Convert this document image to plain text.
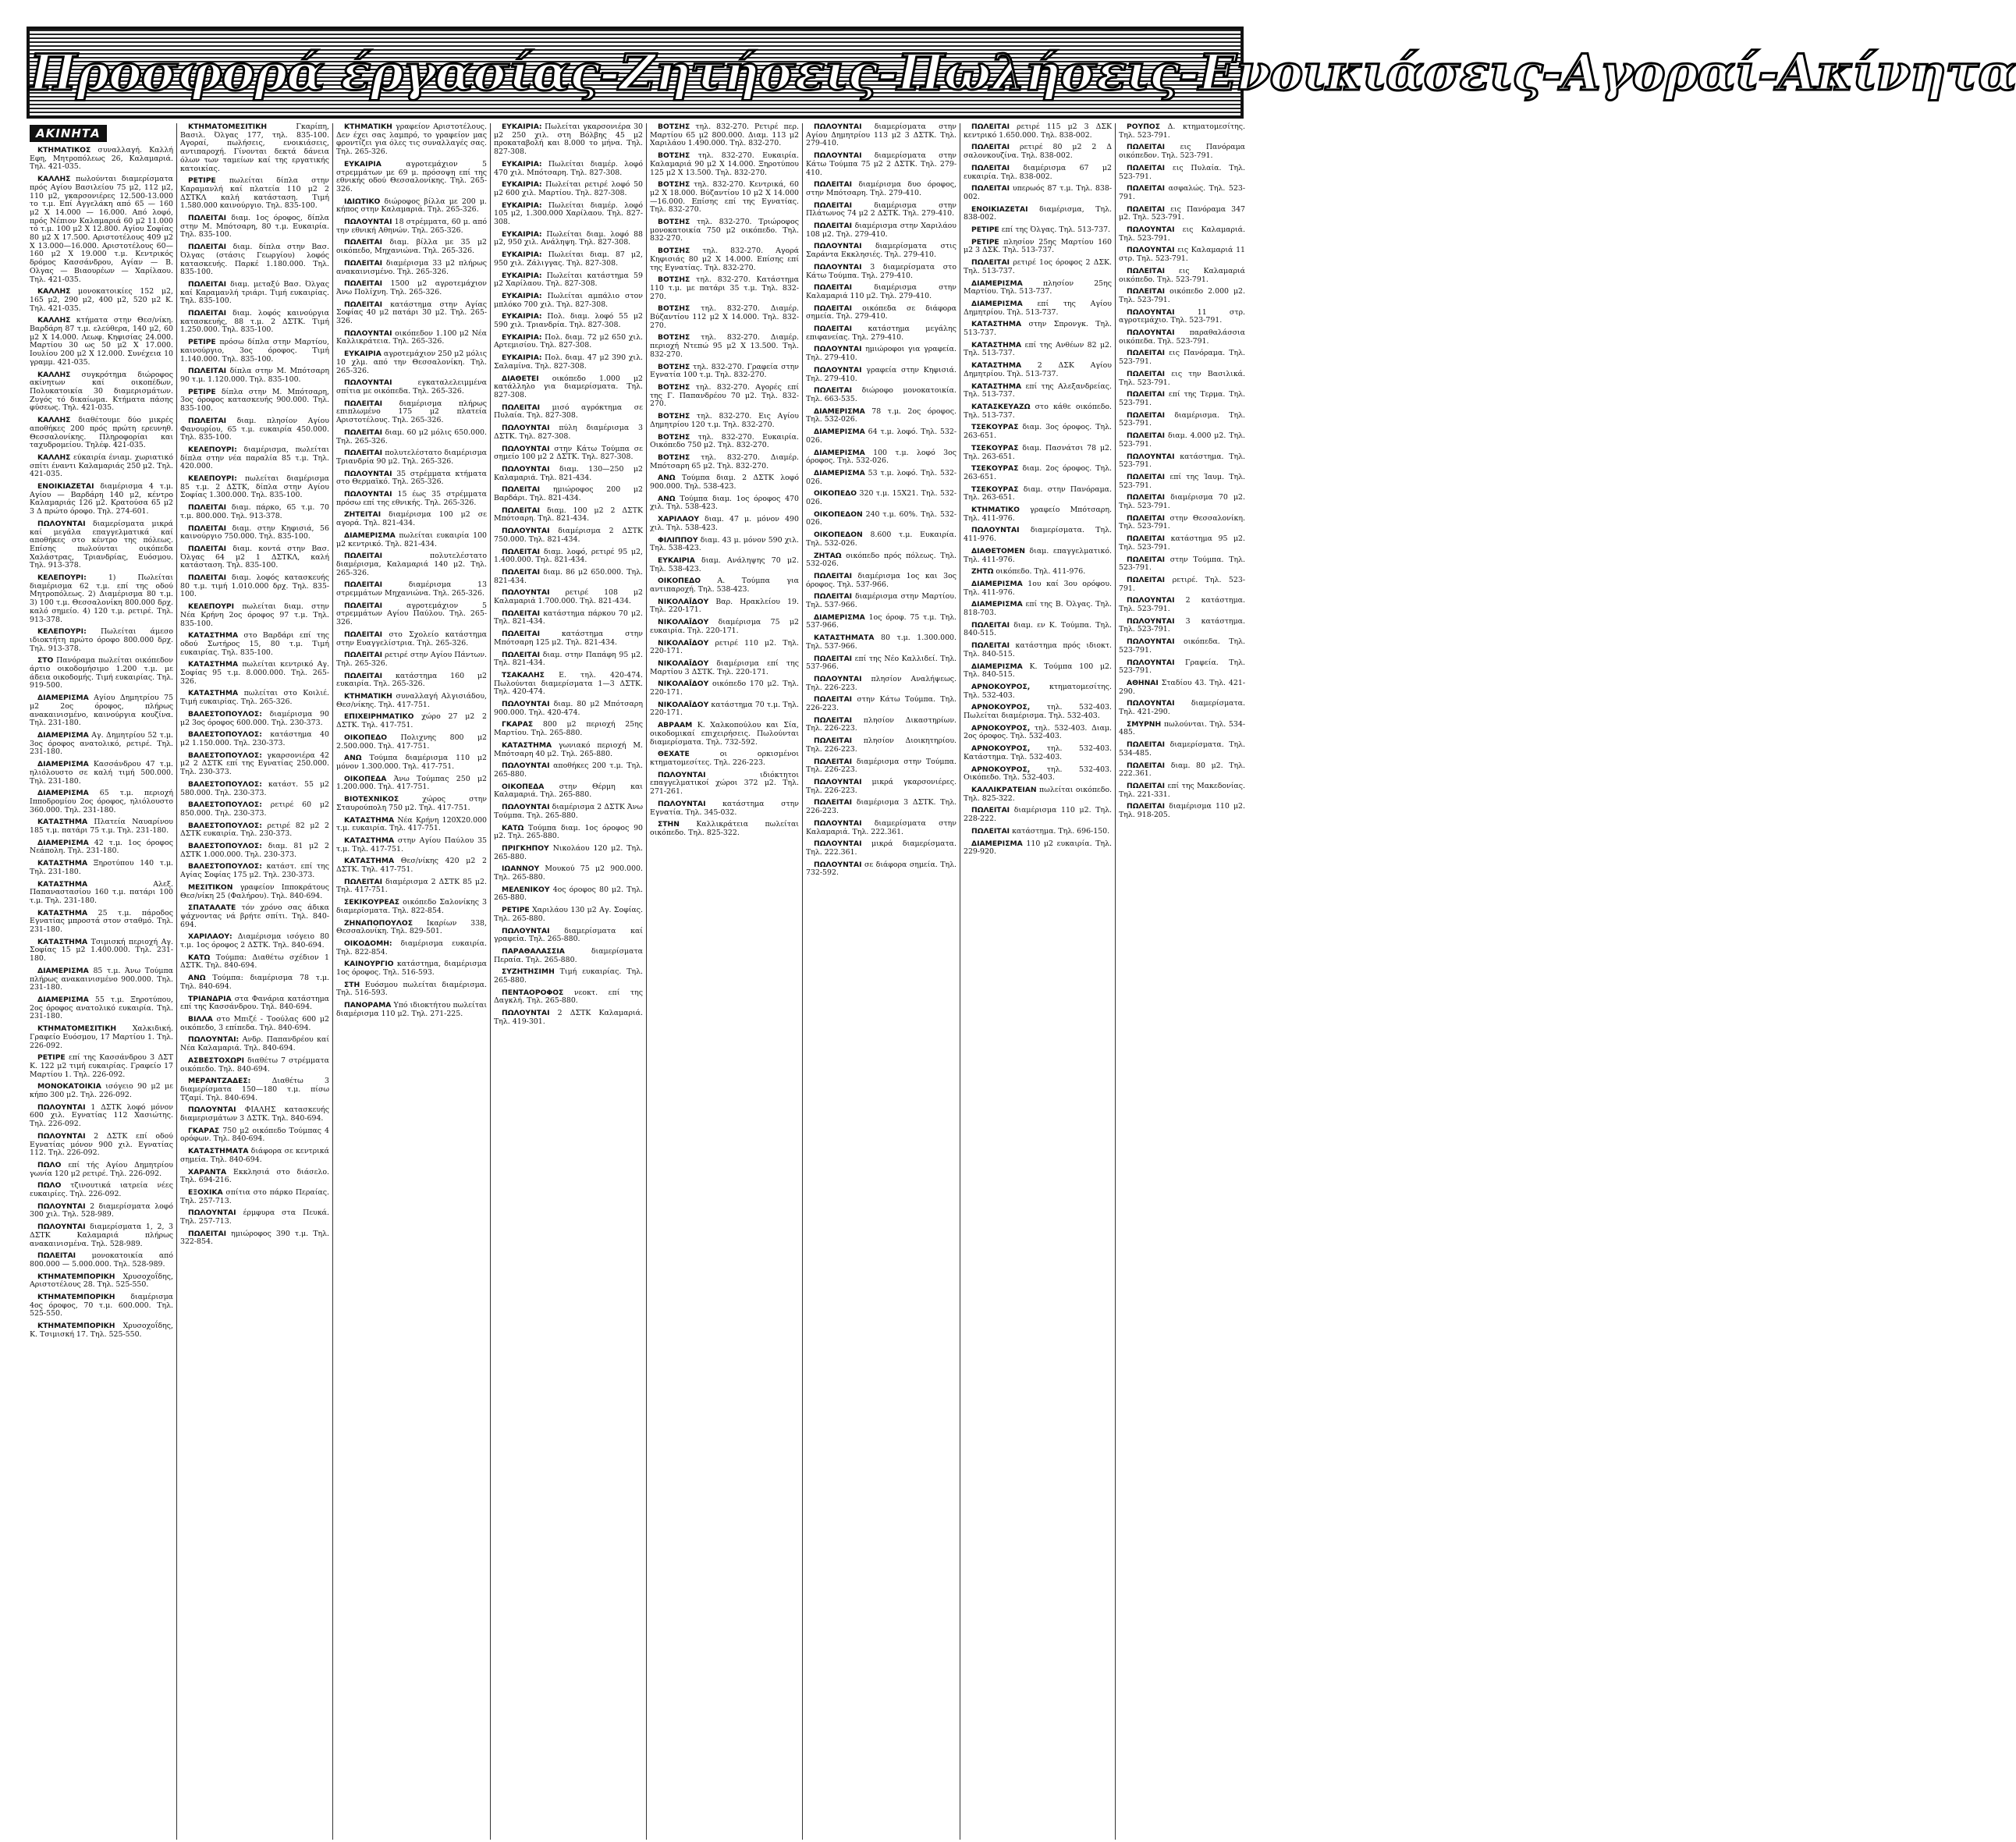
Προσφορά έργασίας-Ζητήσεις-Πωλήσεις-Ενοικιάσεις-Αγοραί-Ακίνητα
ΑΚΙΝΗΤΑ

ΚΤΗΜΑΤΙΚΟΣ συναλλαγή. Καλλή Εφη, Μητροπόλεως 26, Καλαμαριά. Τηλ. 421-035.

ΚΑΛΛΗΣ πωλούνται διαμερίσματα πρός Αγίου Βασιλείου 75 μ2, 112 μ2, 110 μ2, γκαρσονιέρες 12.500-13.000 το τ.μ. Επί Αγγελάκη από 65 — 160 μ2 Χ 14.000 — 16.000. Από λοφό, πρός Νέπιον Καλαμαριά 60 μ2 11.000 τό τ.μ. 100 μ2 Χ 12.800. Αγίου Σοφίας 80 μ2 Χ 17.500. Αριστοτέλους 409 μ2 Χ 13.000—16.000. Αριστοτέλους 60—160 μ2 Χ 19.000 τ.μ. Κεντρικός δρόμος Κασσάνδρου, Αγίαν — Β. Ολγας — Βιαουρέων — Χαρίλαου. Τηλ. 421-035.

ΚΑΛΛΗΣ μονοκατοικίες 152 μ2, 165 μ2, 290 μ2, 400 μ2, 520 μ2 Κ. Τηλ. 421-035.

ΚΑΛΛΗΣ κτήματα στην Θεσ/νίκη. Βαρδάρη 87 τ.μ. ελεύθερα, 140 μ2, 60 μ2 Χ 14.000. Λεωφ. Κηφισίας 24.000. Μαρτίου 30 ως 50 μ2 Χ 17.000. Ιουλίου 200 μ2 Χ 12.000. Συνέχεια 10 γραμμ. 421-035.

ΚΑΛΛΗΣ συγκρότημα διώροφος ακίνητων καί οικοπέδων, Πολυκατοικία 30 διαμερισμάτων. Ζυγός τό δικαίωμα. Κτήματα πάσης φύσεως. Τηλ. 421-035.

ΚΑΛΛΗΣ διαθέτουμε δύο μικρές αποθήκες 200 πρός πρώτη ερευνηθ. Θεσσαλονίκης. Πληροφορίαι και ταχυδρομείου. Τηλέφ. 421-035.

ΚΑΛΛΗΣ εύκαιρία ένιαμ. χωριατικό σπίτι έναντι Καλαμαριάς 250 μ2. Τηλ. 421-035.

ΕΝΟΙΚΙΑΖΕΤΑΙ διαμέρισμα 4 τ.μ. Αγίου — Βαρδάρη 140 μ2, κέντρο Καλαμαριάς 126 μ2. Κρατούσα 65 μ2 3 Δ πρώτο όροφο. Τηλ. 274-601.

ΠΩΛΟΥΝΤΑΙ διαμερίσματα μικρά καί μεγάλα επαγγελματικά καί αποθήκες στο κέντρο της πόλεως. Επίσης πωλούνται οικόπεδα Χαλάστρας, Τριανδρίας, Ευόσμου. Τηλ. 913-378.

ΚΕΛΕΠΟΥΡΙ: 1) Πωλείται διαμέρισμα 62 τ.μ. επί της οδού Μητροπόλεως. 2) Διαμέρισμα 80 τ.μ. 3) 100 τ.μ. Θεσσαλονίκη 800.000 δρχ. καλό σημείο. 4) 120 τ.μ. ρετιρέ. Τηλ. 913-378.

ΚΕΛΕΠΟΥΡΙ: Πωλείται άμεσο ιδιοκτήτη πρώτο όροφο 800.000 δρχ. Τηλ. 913-378.

ΣΤΟ Πανόραμα πωλείται οικόπεδον άρτιο οικοδομήσιμο 1.200 τ.μ. με άδεια οικοδομής. Τιμή ευκαιρίας. Τηλ. 919-500.

ΔΙΑΜΕΡΙΣΜΑ Αγίου Δημητρίου 75 μ2 2ος όροφος, πλήρως ανακαινισμένο, καινούργια κουζίνα. Τηλ. 231-180.

ΔΙΑΜΕΡΙΣΜΑ Αγ. Δημητρίου 52 τ.μ. 3ος όροφος ανατολικό, ρετιρέ. Τηλ. 231-180.

ΔΙΑΜΕΡΙΣΜΑ Κασσάνδρου 47 τ.μ. ηλιόλουστο σε καλή τιμή 500.000. Τηλ. 231-180.

ΔΙΑΜΕΡΙΣΜΑ 65 τ.μ. περιοχή Ιπποδρομίου 2ος όροφος, ηλιόλουστο 360.000. Τηλ. 231-180.

ΚΑΤΑΣΤΗΜΑ Πλατεία Ναυαρίνου 185 τ.μ. πατάρι 75 τ.μ. Τηλ. 231-180.

ΔΙΑΜΕΡΙΣΜΑ 42 τ.μ. 1ος όροφος Νεάπολη. Τηλ. 231-180.

ΚΑΤΑΣΤΗΜΑ Ξηροτύπου 140 τ.μ. Τηλ. 231-180.

ΚΑΤΑΣΤΗΜΑ Αλεξ. Παπαναστασίου 160 τ.μ. πατάρι 100 τ.μ. Τηλ. 231-180.

ΚΑΤΑΣΤΗΜΑ 25 τ.μ. πάροδος Εγνατίας μπροστά στον σταθμό. Τηλ. 231-180.

ΚΑΤΑΣΤΗΜΑ Τσιμισκή περιοχή Αγ. Σοφίας 15 μ2 1.400.000. Τηλ. 231-180.

ΔΙΑΜΕΡΙΣΜΑ 85 τ.μ. Άνω Τούμπα πλήρως ανακαινισμένο 900.000. Τηλ. 231-180.

ΔΙΑΜΕΡΙΣΜΑ 55 τ.μ. Ξηροτύπου, 2ος όροφος ανατολικό ευκαιρία. Τηλ. 231-180.

ΚΤΗΜΑΤΟΜΕΣΙΤΙΚΗ Χαλκιδική. Γραφείο Ευόσμου, 17 Μαρτίου 1. Τηλ. 226-092.

ΡΕΤΙΡΕ επί της Κασσάνδρου 3 ΔΣΤ Κ. 122 μ2 τιμή ευκαιρίας. Γραφείο 17 Μαρτίου 1. Τηλ. 226-092.

ΜΟΝΟΚΑΤΟΙΚΙΑ ισόγειο 90 μ2 με κήπο 300 μ2. Τηλ. 226-092.

ΠΩΛΟΥΝΤΑΙ 1 ΔΣΤΚ λοφό μόνον 600 χιλ. Εγνατίας 112 Χασιώτης. Τηλ. 226-092.

ΠΩΛΟΥΝΤΑΙ 2 ΔΣΤΚ επί οδού Εγνατίας μόνον 900 χιλ. Εγνατίας 112. Τηλ. 226-092.

ΠΩΛΟ επί τής Αγίου Δημητρίου γωνία 120 μ2 ρετιρέ. Τηλ. 226-092.

ΠΩΛΟ τζινουτικά ιατρεία νέες ευκαιρίες. Τηλ. 226-092.

ΠΩΛΟΥΝΤΑΙ 2 διαμερίσματα λοφό 300 χιλ. Τηλ. 528-989.

ΠΩΛΟΥΝΤΑΙ διαμερίσματα 1, 2, 3 ΔΣΤΚ Καλαμαριά πλήρως ανακαινισμένα. Τηλ. 528-989.

ΠΩΛΕΙΤΑΙ μονοκατοικία από 800.000 — 5.000.000. Τηλ. 528-989.

ΚΤΗΜΑΤΕΜΠΟΡΙΚΗ Χρυσοχοΐδης, Αριστοτέλους 28. Τηλ. 525-550.

ΚΤΗΜΑΤΕΜΠΟΡΙΚΗ διαμέρισμα 4ος όροφος, 70 τ.μ. 600.000. Τηλ. 525-550.

ΚΤΗΜΑΤΕΜΠΟΡΙΚΗ Χρυσοχοΐδης, Κ. Τσιμισκή 17. Τηλ. 525-550.

ΚΤΗΜΑΤΟΜΕΣΙΤΙΚΗ Γκαρίπη, Βασιλ. Όλγας 177, τηλ. 835-100. Αγοραί, πωλήσεις, ενοικιάσεις, αντιπαροχή. Γίνονται δεκτά δάνεια όλων των ταμείων καί της εργατικής κατοικίας.

ΡΕΤΙΡΕ πωλείται δίπλα στην Καραμανλή καί πλατεία 110 μ2 2 ΔΣΤΚΛ καλή κατάσταση. Τιμή 1.580.000 καινούργιο. Τηλ. 835-100.

ΠΩΛΕΙΤΑΙ διαμ. 1ος όροφος, δίπλα στην Μ. Μπότσαρη, 80 τ.μ. Ευκαιρία. Τηλ. 835-100.

ΠΩΛΕΙΤΑΙ διαμ. δίπλα στην Βασ. Όλγας (στάσις Γεωργίου) λοφός κατασκευής. Παρκέ 1.180.000. Τηλ. 835-100.

ΠΩΛΕΙΤΑΙ διαμ. μεταξύ Βασ. Όλγας καί Καραμανλή τριάρι. Τιμή ευκαιρίας. Τηλ. 835-100.

ΠΩΛΕΙΤΑΙ διαμ. λοφός καινούργια κατασκευής, 88 τ.μ. 2 ΔΣΤΚ. Τιμή 1.250.000. Τηλ. 835-100.

ΡΕΤΙΡΕ πρόσω δίπλα στην Μαρτίου, καινούργιο, 3ος όροφος. Τιμή 1.140.000. Τηλ. 835-100.

ΠΩΛΕΙΤΑΙ δίπλα στην Μ. Μπότσαρη 90 τ.μ. 1.120.000. Τηλ. 835-100.

ΡΕΤΙΡΕ δίπλα στην Μ. Μπότσαρη, 3ος όροφος κατασκευής 900.000. Τηλ. 835-100.

ΠΩΛΕΙΤΑΙ διαμ. πλησίον Αγίου Φανουρίου, 65 τ.μ. ευκαιρία 450.000. Τηλ. 835-100.

ΚΕΛΕΠΟΥΡΙ: διαμέρισμα, πωλείται δίπλα στην νέα παραλία 85 τ.μ. Τηλ. 420.000.

ΚΕΛΕΠΟΥΡΙ: πωλείται διαμέρισμα 85 τ.μ. 2 ΔΣΤΚ, δίπλα στην Αγίου Σοφίας 1.300.000. Τηλ. 835-100.

ΠΩΛΕΙΤΑΙ διαμ. πάρκο, 65 τ.μ. 70 τ.μ. 800.000. Τηλ. 913-378.

ΠΩΛΕΙΤΑΙ διαμ. στην Κηφισιά, 56 καινούργιο 750.000. Τηλ. 835-100.

ΠΩΛΕΙΤΑΙ διαμ. κοντά στην Βασ. Όλγας 64 μ2 1 ΔΣΤΚΛ, καλή κατάσταση. Τηλ. 835-100.

ΠΩΛΕΙΤΑΙ διαμ. λοφός κατασκευής 80 τ.μ. τιμή 1.010.000 δρχ. Τηλ. 835-100.

ΚΕΛΕΠΟΥΡΙ πωλείται διαμ. στην Νέα Κρήνη 2ος όροφος 97 τ.μ. Τηλ. 835-100.

ΚΑΤΑΣΤΗΜΑ στο Βαρδάρι επί της οδού Σωτήρος 15, 80 τ.μ. Τιμή ευκαιρίας. Τηλ. 835-100.

ΚΑΤΑΣΤΗΜΑ πωλείται κεντρικό Αγ. Σοφίας 95 τ.μ. 8.000.000. Τηλ. 265-326.

ΚΑΤΑΣΤΗΜΑ πωλείται στο Κοιλιέ. Τιμή ευκαιρίας. Τηλ. 265-326.

ΒΑΛΕΣΤΟΠΟΥΛΟΣ: διαμέρισμα 90 μ2 3ος όροφος 600.000. Τηλ. 230-373.

ΒΑΛΕΣΤΟΠΟΥΛΟΣ: κατάστημα 40 μ2 1.150.000. Τηλ. 230-373.

ΒΑΛΕΣΤΟΠΟΥΛΟΣ: γκαρσονιέρα 42 μ2 2 ΔΣΤΚ επί της Εγνατίας 250.000. Τηλ. 230-373.

ΒΑΛΕΣΤΟΠΟΥΛΟΣ: κατάστ. 55 μ2 580.000. Τηλ. 230-373.

ΒΑΛΕΣΤΟΠΟΥΛΟΣ: ρετιρέ 60 μ2 850.000. Τηλ. 230-373.

ΒΑΛΕΣΤΟΠΟΥΛΟΣ: ρετιρέ 82 μ2 2 ΔΣΤΚ ευκαιρία. Τηλ. 230-373.

ΒΑΛΕΣΤΟΠΟΥΛΟΣ: διαμ. 81 μ2 2 ΔΣΤΚ 1.000.000. Τηλ. 230-373.

ΒΑΛΕΣΤΟΠΟΥΛΟΣ: κατάστ. επί της Αγίας Σοφίας 175 μ2. Τηλ. 230-373.

ΜΕΣΙΤΙΚΟΝ γραφείον Ιπποκράτους Θεσ/νίκη 25 (Φαλήρου). Τηλ. 840-694.

ΣΠΑΤΑΛΑΤΕ τόν χρόνο σας άδικα ψάχνοντας νά βρήτε σπίτι. Τηλ. 840-694.

ΧΑΡΙΛΑΟΥ: Διαμέρισμα ισόγειο 80 τ.μ. 1ος όροφος 2 ΔΣΤΚ. Τηλ. 840-694.

ΚΑΤΩ Τούμπα: Διαθέτω σχέδιον 1 ΔΣΤΚ. Τηλ. 840-694.

ΑΝΩ Τούμπα: διαμέρισμα 78 τ.μ. Τηλ. 840-694.

ΤΡΙΑΝΔΡΙΑ στα Φανάρια κατάστημα επί της Κασσάνδρου. Τηλ. 840-694.

ΒΙΛΛΑ στο Μπιζέ - Τοούλας 600 μ2 οικόπεδο, 3 επίπεδα. Τηλ. 840-694.

ΠΩΛΟΥΝΤΑΙ: Ανδρ. Παπανδρέου καί Νέα Καλαμαριά. Τηλ. 840-694.

ΑΣΒΕΣΤΟΧΩΡΙ διαθέτω 7 στρέμματα οικόπεδο. Τηλ. 840-694.

ΜΕΡΑΝΤΖΑΔΕΣ: Διαθέτω 3 διαμερίσματα 150—180 τ.μ. πίσω Τζαμί. Τηλ. 840-694.

ΠΩΛΟΥΝΤΑΙ ΦΙΑΛΗΣ κατασκευής διαμερισμάτων 3 ΔΣΤΚ. Τηλ. 840-694.

ΓΚΑΡΑΣ 750 μ2 οικόπεδο Τούμπας 4 ορόφων. Τηλ. 840-694.

ΚΑΤΑΣΤΗΜΑΤΑ διάφορα σε κεντρικά σημεία. Τηλ. 840-694.

ΧΑΡΑΝΤΑ Εκκλησιά στο διάσελο. Τηλ. 694-216.

ΕΞΟΧΙΚΑ σπίτια στο πάρκο Περαίας. Τηλ. 257-713.

ΠΩΛΟΥΝΤΑΙ έρμφυρα στα Πευκά. Τηλ. 257-713.

ΠΩΛΕΙΤΑΙ ημιώροφος 390 τ.μ. Τηλ. 322-854.

ΚΤΗΜΑΤΙΚΗ γραφείον Αριστοτέλους. Δεν έχει σας λαμπρό, το γραφείον μας φροντίζει για όλες τις συναλλαγές σας. Τηλ. 265-326.

ΕΥΚΑΙΡΙΑ αγροτεμάχιον 5 στρεμμάτων με 69 μ. πρόσοψη επί της εθνικής οδού Θεσσαλονίκης. Τηλ. 265-326.

ΙΔΙΩΤΙΚΟ διώροφος βίλλα με 200 μ. κήπος στην Καλαμαριά. Τηλ. 265-326.

ΠΩΛΟΥΝΤΑΙ 18 στρέμματα, 60 μ. από την εθνική Αθηνών. Τηλ. 265-326.

ΠΩΛΕΙΤΑΙ διαμ. βίλλα με 35 μ2 οικόπεδο, Μηχανιώνα. Τηλ. 265-326.

ΠΩΛΕΙΤΑΙ διαμέρισμα 33 μ2 πλήρως ανακαινισμένο. Τηλ. 265-326.

ΠΩΛΕΙΤΑΙ 1500 μ2 αγροτεμάχιον Άνω Πολίχνη. Τηλ. 265-326.

ΠΩΛΕΙΤΑΙ κατάστημα στην Αγίας Σοφίας 40 μ2 πατάρι 30 μ2. Τηλ. 265-326.

ΠΩΛΟΥΝΤΑΙ οικόπεδον 1.100 μ2 Νέα Καλλικράτεια. Τηλ. 265-326.

ΕΥΚΑΙΡΙΑ αγροτεμάχιον 250 μ2 μόλις 10 χλμ. από την Θεσσαλονίκη. Τηλ. 265-326.

ΠΩΛΟΥΝΤΑΙ εγκαταλελειμμένα σπίτια με οικόπεδα. Τηλ. 265-326.

ΠΩΛΕΙΤΑΙ διαμέρισμα πλήρως επιπλωμένο 175 μ2 πλατεία Αριστοτέλους. Τηλ. 265-326.

ΠΩΛΕΙΤΑΙ διαμ. 60 μ2 μόλις 650.000. Τηλ. 265-326.

ΠΩΛΕΙΤΑΙ πολυτελέστατο διαμέρισμα Τριανδρία 90 μ2. Τηλ. 265-326.

ΠΩΛΟΥΝΤΑΙ 35 στρέμματα κτήματα στο Θερμαϊκό. Τηλ. 265-326.

ΠΩΛΟΥΝΤΑΙ 15 έως 35 στρέμματα πρόσω επί της εθνικής. Τηλ. 265-326.

ΖΗΤΕΙΤΑΙ διαμέρισμα 100 μ2 σε αγορά. Τηλ. 821-434.

ΔΙΑΜΕΡΙΣΜΑ πωλείται ευκαιρία 100 μ2 κεντρικό. Τηλ. 821-434.

ΠΩΛΕΙΤΑΙ πολυτελέστατο διαμέρισμα, Καλαμαριά 140 μ2. Τηλ. 265-326.

ΠΩΛΕΙΤΑΙ διαμέρισμα 13 στρεμμάτων Μηχανιώνα. Τηλ. 265-326.

ΠΩΛΕΙΤΑΙ αγροτεμάχιον 5 στρεμμάτων Αγίου Παύλου. Τηλ. 265-326.

ΠΩΛΕΙΤΑΙ στο Σχολείο κατάστημα στην Ευαγγελίστρια. Τηλ. 265-326.

ΠΩΛΕΙΤΑΙ ρετιρέ στην Αγίου Πάντων. Τηλ. 265-326.

ΠΩΛΕΙΤΑΙ κατάστημα 160 μ2 ευκαιρία. Τηλ. 265-326.

ΚΤΗΜΑΤΙΚΗ συναλλαγή Αλγισιάδου, Θεσ/νίκης. Τηλ. 417-751.

ΕΠΙΧΕΙΡΗΜΑΤΙΚΟ χώρο 27 μ2 2 ΔΣΤΚ. Τηλ. 417-751.

ΟΙΚΟΠΕΔΟ Πολιχνης 800 μ2 2.500.000. Τηλ. 417-751.

ΑΝΩ Τούμπα διαμέρισμα 110 μ2 μόνον 1.300.000. Τηλ. 417-751.

ΟΙΚΟΠΕΔΑ Άνω Τούμπας 250 μ2 1.200.000. Τηλ. 417-751.

ΒΙΟΤΕΧΝΙΚΟΣ χώρος στην Σταυρούπολη 750 μ2. Τηλ. 417-751.

ΚΑΤΑΣΤΗΜΑ Νέα Κρήνη 120Χ20.000 τ.μ. ευκαιρία. Τηλ. 417-751.

ΚΑΤΑΣΤΗΜΑ στην Αγίου Παύλου 35 τ.μ. Τηλ. 417-751.

ΚΑΤΑΣΤΗΜΑ Θεσ/νίκης 420 μ2 2 ΔΣΤΚ. Τηλ. 417-751.

ΠΩΛΕΙΤΑΙ διαμέρισμα 2 ΔΣΤΚ 85 μ2. Τηλ. 417-751.

ΣΕΚΙΚΟΥΡΕΑΣ οικόπεδο Σαλονίκης 3 διαμερίσματα. Τηλ. 822-854.

ΖΗΝΑΠΟΠΟΥΛΟΣ Ικαρίων 338, Θεσσαλονίκη. Τηλ. 829-501.

ΟΙΚΟΔΟΜΗ: διαμέρισμα ευκαιρία. Τηλ. 822-854.

ΚΑΙΝΟΥΡΓΙΟ κατάστημα, διαμέρισμα 1ος όροφος. Τηλ. 516-593.

ΣΤΗ Ευόσμου πωλείται διαμέρισμα. Τηλ. 516-593.

ΠΑΝΟΡΑΜΑ Υπό ιδιοκτήτου πωλείται διαμέρισμα 110 μ2. Τηλ. 271-225.

ΕΥΚΑΙΡΙΑ: Πωλείται γκαρσονιέρα 30 μ2 250 χιλ. στη Βόλβης 45 μ2 προκαταβολή και 8.000 το μήνα. Τηλ. 827-308.

ΕΥΚΑΙΡΙΑ: Πωλείται διαμέρ. λοφό 470 χιλ. Μπότσαρη. Τηλ. 827-308.

ΕΥΚΑΙΡΙΑ: Πωλείται ρετιρέ λοφό 50 μ2 600 χιλ. Μαρτίου. Τηλ. 827-308.

ΕΥΚΑΙΡΙΑ: Πωλείται διαμέρ. λοφό 105 μ2, 1.300.000 Χαρίλαου. Τηλ. 827-308.

ΕΥΚΑΙΡΙΑ: Πωλείται διαμ. λοφό 88 μ2, 950 χιλ. Ανάληψη. Τηλ. 827-308.

ΕΥΚΑΙΡΙΑ: Πωλείται διαμ. 87 μ2, 950 χιλ. Ζάλιγγας. Τηλ. 827-308.

ΕΥΚΑΙΡΙΑ: Πωλείται κατάστημα 59 μ2 Χαρίλαου. Τηλ. 827-308.

ΕΥΚΑΙΡΙΑ: Πωλείται αμπάλιο στον μπλόκο 700 χιλ. Τηλ. 827-308.

ΕΥΚΑΙΡΙΑ: Πολ. διαμ. λοφό 55 μ2 590 χιλ. Τριανδρία. Τηλ. 827-308.

ΕΥΚΑΙΡΙΑ: Πολ. διαμ. 72 μ2 650 χιλ. Αρτεμισίου. Τηλ. 827-308.

ΕΥΚΑΙΡΙΑ: Πολ. διαμ. 47 μ2 390 χιλ. Σαλαμίνα. Τηλ. 827-308.

ΔΙΑΘΕΤΕΙ οικόπεδο 1.000 μ2 κατάλληλο για διαμερίσματα. Τηλ. 827-308.

ΠΩΛΕΙΤΑΙ μισό αγρόκτημα σε Πυλαία. Τηλ. 827-308.

ΠΩΛΟΥΝΤΑΙ πύλη διαμέρισμα 3 ΔΣΤΚ. Τηλ. 827-308.

ΠΩΛΟΥΝΤΑΙ στην Κάτω Τούμπα σε σημείο 100 μ2 2 ΔΣΤΚ. Τηλ. 827-308.

ΠΩΛΟΥΝΤΑΙ διαμ. 130—250 μ2 Καλαμαριά. Τηλ. 821-434.

ΠΩΛΕΙΤΑΙ ημιώροφος 200 μ2 Βαρδάρι. Τηλ. 821-434.

ΠΩΛΕΙΤΑΙ διαμ. 100 μ2 2 ΔΣΤΚ Μπότσαρη. Τηλ. 821-434.

ΠΩΛΟΥΝΤΑΙ διαμέρισμα 2 ΔΣΤΚ 750.000. Τηλ. 821-434.

ΠΩΛΕΙΤΑΙ διαμ. λοφό, ρετιρέ 95 μ2, 1.400.000. Τηλ. 821-434.

ΠΩΛΕΙΤΑΙ διαμ. 86 μ2 650.000. Τηλ. 821-434.

ΠΩΛΟΥΝΤΑΙ ρετιρέ 108 μ2 Καλαμαριά 1.700.000. Τηλ. 821-434.

ΠΩΛΕΙΤΑΙ κατάστημα πάρκου 70 μ2. Τηλ. 821-434.

ΠΩΛΕΙΤΑΙ κατάστημα στην Μπότσαρη 125 μ2. Τηλ. 821-434.

ΠΩΛΕΙΤΑΙ διαμ. στην Παπάφη 95 μ2. Τηλ. 821-434.

ΤΣΑΚΑΛΗΣ Ε. τηλ. 420-474. Πωλούνται διαμερίσματα 1—3 ΔΣΤΚ. Τηλ. 420-474.

ΠΩΛΟΥΝΤΑΙ διαμ. 80 μ2 Μπότσαρη 900.000. Τηλ. 420-474.

ΓΚΑΡΑΣ 800 μ2 περιοχή 25ης Μαρτίου. Τηλ. 265-880.

ΚΑΤΑΣΤΗΜΑ γωνιακό περιοχή Μ. Μπότσαρη 40 μ2. Τηλ. 265-880.

ΠΩΛΟΥΝΤΑΙ αποθήκες 200 τ.μ. Τηλ. 265-880.

ΟΙΚΟΠΕΔΑ στην Θέρμη και Καλαμαριά. Τηλ. 265-880.

ΠΩΛΟΥΝΤΑΙ διαμέρισμα 2 ΔΣΤΚ Άνω Τούμπα. Τηλ. 265-880.

ΚΑΤΩ Τούμπα διαμ. 1ος όροφος 90 μ2. Τηλ. 265-880.

ΠΡΙΓΚΗΠΟΥ Νικολάου 120 μ2. Τηλ. 265-880.

ΙΩΑΝΝΟΥ Μουκού 75 μ2 900.000. Τηλ. 265-880.

ΜΕΛΕΝΙΚΟΥ 4ος όροφος 80 μ2. Τηλ. 265-880.

ΡΕΤΙΡΕ Χαριλάου 130 μ2 Αγ. Σοφίας. Τηλ. 265-880.

ΠΩΛΟΥΝΤΑΙ διαμερίσματα καί γραφεία. Τηλ. 265-880.

ΠΑΡΑΘΑΛΑΣΣΙΑ διαμερίσματα Περαία. Τηλ. 265-880.

ΣΥΖΗΤΗΣΙΜΗ Τιμή ευκαιρίας. Τηλ. 265-880.

ΠΕΝΤΑΟΡΟΦΟΣ νεοκτ. επί της Δαγκλή. Τηλ. 265-880.

ΠΩΛΟΥΝΤΑΙ 2 ΔΣΤΚ Καλαμαριά. Τηλ. 419-301.

ΒΟΤΣΗΣ τηλ. 832-270. Ρετιρέ περ. Μαρτίου 65 μ2 800.000. Διαμ. 113 μ2 Χαριλάου 1.490.000. Τηλ. 832-270.

ΒΟΤΣΗΣ τηλ. 832-270. Ευκαιρία. Καλαμαριά 90 μ2 Χ 14.000. Ξηροτύπου 125 μ2 Χ 13.500. Τηλ. 832-270.

ΒΟΤΣΗΣ τηλ. 832-270. Κεντρικά, 60 μ2 Χ 18.000. Βύζαντίου 10 μ2 Χ 14.000—16.000. Επίσης επί της Εγνατίας. Τηλ. 832-270.

ΒΟΤΣΗΣ τηλ. 832-270. Τριώροφος μονοκατοικία 750 μ2 οικόπεδο. Τηλ. 832-270.

ΒΟΤΣΗΣ τηλ. 832-270. Αγορά Κηφισιάς 80 μ2 Χ 14.000. Επίσης επί της Εγνατίας. Τηλ. 832-270.

ΒΟΤΣΗΣ τηλ. 832-270. Κατάστημα 110 τ.μ. με πατάρι 35 τ.μ. Τηλ. 832-270.

ΒΟΤΣΗΣ τηλ. 832-270. Διαμέρ. Βύζαντίου 112 μ2 Χ 14.000. Τηλ. 832-270.

ΒΟΤΣΗΣ τηλ. 832-270. Διαμέρ. περιοχή Ντεπώ 95 μ2 Χ 13.500. Τηλ. 832-270.

ΒΟΤΣΗΣ τηλ. 832-270. Γραφεία στην Εγνατία 100 τ.μ. Τηλ. 832-270.

ΒΟΤΣΗΣ τηλ. 832-270. Αγορές επί της Γ. Παπανδρέου 70 μ2. Τηλ. 832-270.

ΒΟΤΣΗΣ τηλ. 832-270. Εις Αγίου Δημητρίου 120 τ.μ. Τηλ. 832-270.

ΒΟΤΣΗΣ τηλ. 832-270. Ευκαιρία. Οικόπεδο 750 μ2. Τηλ. 832-270.

ΒΟΤΣΗΣ τηλ. 832-270. Διαμέρ. Μπότσαρη 65 μ2. Τηλ. 832-270.

ΑΝΩ Τούμπα διαμ. 2 ΔΣΤΚ λοφό 900.000. Τηλ. 538-423.

ΑΝΩ Τούμπα διαμ. 1ος όροφος 470 χιλ. Τηλ. 538-423.

ΧΑΡΙΛΑΟΥ διαμ. 47 μ. μόνον 490 χιλ. Τηλ. 538-423.

ΦΙΛΙΠΠΟΥ διαμ. 43 μ. μόνον 590 χιλ. Τηλ. 538-423.

ΕΥΚΑΙΡΙΑ διαμ. Ανάληψης 70 μ2. Τηλ. 538-423.

ΟΙΚΟΠΕΔΟ Α. Τούμπα για αντιπαροχή. Τηλ. 538-423.

ΝΙΚΟΛΑΪΔΟΥ Βαρ. Ηρακλείου 19. Τηλ. 220-171.

ΝΙΚΟΛΑΪΔΟΥ διαμέρισμα 75 μ2 ευκαιρία. Τηλ. 220-171.

ΝΙΚΟΛΑΪΔΟΥ ρετιρέ 110 μ2. Τηλ. 220-171.

ΝΙΚΟΛΑΪΔΟΥ διαμέρισμα επί της Μαρτίου 3 ΔΣΤΚ. Τηλ. 220-171.

ΝΙΚΟΛΑΪΔΟΥ οικόπεδο 170 μ2. Τηλ. 220-171.

ΝΙΚΟΛΑΪΔΟΥ κατάστημα 70 τ.μ. Τηλ. 220-171.

ΑΒΡΑΑΜ Κ. Χαλκοπούλου και Σία, οικοδομικαί επιχειρήσεις. Πωλούνται διαμερίσματα. Τηλ. 732-592.

ΘΕΧΑΤΕ οι ορκισμένοι κτηματομεσίτες. Τηλ. 226-223.

ΠΩΛΟΥΝΤΑΙ ιδιόκτητοι επαγγελματικοί χώροι 372 μ2. Τηλ. 271-261.

ΠΩΛΟΥΝΤΑΙ κατάστημα στην Εγνατία. Τηλ. 345-032.

ΣΤΗΝ Καλλικράτεια πωλείται οικόπεδο. Τηλ. 825-322.

ΠΩΛΟΥΝΤΑΙ διαμερίσματα στην Αγίου Δημητρίου 113 μ2 3 ΔΣΤΚ. Τηλ. 279-410.

ΠΩΛΟΥΝΤΑΙ διαμερίσματα στην Κάτω Τούμπα 75 μ2 2 ΔΣΤΚ. Τηλ. 279-410.

ΠΩΛΕΙΤΑΙ διαμέρισμα δυο όροφος, στην Μπότσαρη. Τηλ. 279-410.

ΠΩΛΕΙΤΑΙ διαμέρισμα στην Πλάτωνος 74 μ2 2 ΔΣΤΚ. Τηλ. 279-410.

ΠΩΛΕΙΤΑΙ διαμέρισμα στην Χαριλάου 108 μ2. Τηλ. 279-410.

ΠΩΛΟΥΝΤΑΙ διαμερίσματα στις Σαράντα Εκκλησιές. Τηλ. 279-410.

ΠΩΛΟΥΝΤΑΙ 3 διαμερίσματα στο Κάτω Τούμπα. Τηλ. 279-410.

ΠΩΛΕΙΤΑΙ διαμέρισμα στην Καλαμαριά 110 μ2. Τηλ. 279-410.

ΠΩΛΕΙΤΑΙ οικόπεδα σε διάφορα σημεία. Τηλ. 279-410.

ΠΩΛΕΙΤΑΙ κατάστημα μεγάλης επιφανείας. Τηλ. 279-410.

ΠΩΛΟΥΝΤΑΙ ημιώροφοι για γραφεία. Τηλ. 279-410.

ΠΩΛΟΥΝΤΑΙ γραφεία στην Κηφισιά. Τηλ. 279-410.

ΠΩΛΕΙΤΑΙ διώροφο μονοκατοικία. Τηλ. 663-535.

ΔΙΑΜΕΡΙΣΜΑ 78 τ.μ. 2ος όροφος. Τηλ. 532-026.

ΔΙΑΜΕΡΙΣΜΑ 64 τ.μ. λοφό. Τηλ. 532-026.

ΔΙΑΜΕΡΙΣΜΑ 100 τ.μ. λοφό 3ος όροφος. Τηλ. 532-026.

ΔΙΑΜΕΡΙΣΜΑ 53 τ.μ. λοφό. Τηλ. 532-026.

ΟΙΚΟΠΕΔΟ 320 τ.μ. 15Χ21. Τηλ. 532-026.

ΟΙΚΟΠΕΔΟΝ 240 τ.μ. 60%. Τηλ. 532-026.

ΟΙΚΟΠΕΔΟΝ 8.600 τ.μ. Ευκαιρία. Τηλ. 532-026.

ΖΗΤΑΩ οικόπεδο πρός πόλεως. Τηλ. 532-026.

ΠΩΛΕΙΤΑΙ διαμέρισμα 1ος και 3ος όροφος. Τηλ. 537-966.

ΠΩΛΕΙΤΑΙ διαμέρισμα στην Μαρτίου. Τηλ. 537-966.

ΔΙΑΜΕΡΙΣΜΑ 1ος όροφ. 75 τ.μ. Τηλ. 537-966.

ΚΑΤΑΣΤΗΜΑΤΑ 80 τ.μ. 1.300.000. Τηλ. 537-966.

ΠΩΛΕΙΤΑΙ επί της Νέο Καλλιδεί. Τηλ. 537-966.

ΠΩΛΟΥΝΤΑΙ πλησίον Αναλήψεως. Τηλ. 226-223.

ΠΩΛΕΙΤΑΙ στην Κάτω Τούμπα. Τηλ. 226-223.

ΠΩΛΕΙΤΑΙ πλησίον Δικαστηρίων. Τηλ. 226-223.

ΠΩΛΕΙΤΑΙ πλησίον Διοικητηρίου. Τηλ. 226-223.

ΠΩΛΕΙΤΑΙ διαμέρισμα στην Τούμπα. Τηλ. 226-223.

ΠΩΛΟΥΝΤΑΙ μικρά γκαρσονιέρες. Τηλ. 226-223.

ΠΩΛΕΙΤΑΙ διαμέρισμα 3 ΔΣΤΚ. Τηλ. 226-223.

ΠΩΛΟΥΝΤΑΙ διαμερίσματα στην Καλαμαριά. Τηλ. 222.361.

ΠΩΛΟΥΝΤΑΙ μικρά διαμερίσματα. Τηλ. 222.361.

ΠΩΛΟΥΝΤΑΙ σε διάφορα σημεία. Τηλ. 732-592.

ΠΩΛΕΙΤΑΙ ρετιρέ 115 μ2 3 ΔΣΚ κεντρικό 1.650.000. Τηλ. 838-002.

ΠΩΛΕΙΤΑΙ ρετιρέ 80 μ2 2 Δ σαλονκουζίνα. Τηλ. 838-002.

ΠΩΛΕΙΤΑΙ διαμέρισμα 67 μ2 ευκαιρία. Τηλ. 838-002.

ΠΩΛΕΙΤΑΙ υπερωός 87 τ.μ. Τηλ. 838-002.

ΕΝΟΙΚΙΑΖΕΤΑΙ διαμέρισμα, Τηλ. 838-002.

ΡΕΤΙΡΕ επί της Όλγας. Τηλ. 513-737.

ΡΕΤΙΡΕ πλησίον 25ης Μαρτίου 160 μ2 3 ΔΣΚ. Τηλ. 513-737.

ΠΩΛΕΙΤΑΙ ρετιρέ 1ος όροφος 2 ΔΣΚ. Τηλ. 513-737.

ΔΙΑΜΕΡΙΣΜΑ πλησίον 25ης Μαρτίου. Τηλ. 513-737.

ΔΙΑΜΕΡΙΣΜΑ επί της Αγίου Δημητρίου. Τηλ. 513-737.

ΚΑΤΑΣΤΗΜΑ στην Σπρονγκ. Τηλ. 513-737.

ΚΑΤΑΣΤΗΜΑ επί της Ανθέων 82 μ2. Τηλ. 513-737.

ΚΑΤΑΣΤΗΜΑ 2 ΔΣΚ Αγίου Δημητρίου. Τηλ. 513-737.

ΚΑΤΑΣΤΗΜΑ επί της Αλεξανδρείας. Τηλ. 513-737.

ΚΑΤΑΣΚΕΥΑΖΩ στο κάθε οικόπεδο. Τηλ. 513-737.

ΤΣΕΚΟΥΡΑΣ διαμ. 3ος όροφος. Τηλ. 263-651.

ΤΣΕΚΟΥΡΑΣ διαμ. Πασνάτσι 78 μ2. Τηλ. 263-651.

ΤΣΕΚΟΥΡΑΣ διαμ. 2ος όροφος. Τηλ. 263-651.

ΤΣΕΚΟΥΡΑΣ διαμ. στην Πανόραμα. Τηλ. 263-651.

ΚΤΗΜΑΤΙΚΟ γραφείο Μπότσαρη. Τηλ. 411-976.

ΠΩΛΟΥΝΤΑΙ διαμερίσματα. Τηλ. 411-976.

ΔΙΑΘΕΤΟΜΕΝ διαμ. επαγγελματικό. Τηλ. 411-976.

ΖΗΤΩ οικόπεδο. Τηλ. 411-976.

ΔΙΑΜΕΡΙΣΜΑ 1ου καί 3ου ορόφου. Τηλ. 411-976.

ΔΙΑΜΕΡΙΣΜΑ επί της Β. Όλγας. Τηλ. 818-703.

ΠΩΛΕΙΤΑΙ διαμ. εν Κ. Τούμπα. Τηλ. 840-515.

ΠΩΛΕΙΤΑΙ κατάστημα πρός ιδιοκτ. Τηλ. 840-515.

ΔΙΑΜΕΡΙΣΜΑ Κ. Τούμπα 100 μ2. Τηλ. 840-515.

ΑΡΝΟΚΟΥΡΟΣ, κτηματομεσίτης. Τηλ. 532-403.

ΑΡΝΟΚΟΥΡΟΣ, τηλ. 532-403. Πωλείται διαμέρισμα. Τηλ. 532-403.

ΑΡΝΟΚΟΥΡΟΣ, τηλ. 532-403. Διαμ. 2ος όροφος. Τηλ. 532-403.

ΑΡΝΟΚΟΥΡΟΣ, τηλ. 532-403. Κατάστημα. Τηλ. 532-403.

ΑΡΝΟΚΟΥΡΟΣ, τηλ. 532-403. Οικόπεδο. Τηλ. 532-403.

ΚΑΛΛΙΚΡΑΤΕΙΑΝ πωλείται οικόπεδο. Τηλ. 825-322.

ΠΩΛΕΙΤΑΙ διαμέρισμα 110 μ2. Τηλ. 228-222.

ΠΩΛΕΙΤΑΙ κατάστημα. Τηλ. 696-150.

ΔΙΑΜΕΡΙΣΜΑ 110 μ2 ευκαιρία. Τηλ. 229-920.

ΡΟΥΠΟΣ Δ. κτηματομεσίτης. Τηλ. 523-791.

ΠΩΛΕΙΤΑΙ εις Πανόραμα οικόπεδον. Τηλ. 523-791.

ΠΩΛΕΙΤΑΙ εις Πυλαία. Τηλ. 523-791.

ΠΩΛΕΙΤΑΙ ασφαλώς. Τηλ. 523-791.

ΠΩΛΕΙΤΑΙ εις Πανόραμα 347 μ2. Τηλ. 523-791.

ΠΩΛΟΥΝΤΑΙ εις Καλαμαριά. Τηλ. 523-791.

ΠΩΛΟΥΝΤΑΙ εις Καλαμαριά 11 στρ. Τηλ. 523-791.

ΠΩΛΕΙΤΑΙ εις Καλαμαριά οικόπεδο. Τηλ. 523-791.

ΠΩΛΕΙΤΑΙ οικόπεδο 2.000 μ2. Τηλ. 523-791.

ΠΩΛΟΥΝΤΑΙ 11 στρ. αγροτεμάχιο. Τηλ. 523-791.

ΠΩΛΟΥΝΤΑΙ παραθαλάσσια οικόπεδα. Τηλ. 523-791.

ΠΩΛΕΙΤΑΙ εις Πανόραμα. Τηλ. 523-791.

ΠΩΛΕΙΤΑΙ εις την Βασιλικά. Τηλ. 523-791.

ΠΩΛΕΙΤΑΙ επί της Τερμα. Τηλ. 523-791.

ΠΩΛΕΙΤΑΙ διαμέρισμα. Τηλ. 523-791.

ΠΩΛΕΙΤΑΙ διαμ. 4.000 μ2. Τηλ. 523-791.

ΠΩΛΟΥΝΤΑΙ κατάστημα. Τηλ. 523-791.

ΠΩΛΕΙΤΑΙ επί της Ίαυμ. Τηλ. 523-791.

ΠΩΛΕΙΤΑΙ διαμέρισμα 70 μ2. Τηλ. 523-791.

ΠΩΛΕΙΤΑΙ στην Θεσσαλονίκη. Τηλ. 523-791.

ΠΩΛΕΙΤΑΙ κατάστημα 95 μ2. Τηλ. 523-791.

ΠΩΛΕΙΤΑΙ στην Τούμπα. Τηλ. 523-791.

ΠΩΛΕΙΤΑΙ ρετιρέ. Τηλ. 523-791.

ΠΩΛΟΥΝΤΑΙ 2 κατάστημα. Τηλ. 523-791.

ΠΩΛΟΥΝΤΑΙ 3 κατάστημα. Τηλ. 523-791.

ΠΩΛΟΥΝΤΑΙ οικόπεδα. Τηλ. 523-791.

ΠΩΛΟΥΝΤΑΙ Γραφεία. Τηλ. 523-791.

ΑΘΗΝΑΙ Σταδίου 43. Τηλ. 421-290.

ΠΩΛΟΥΝΤΑΙ διαμερίσματα. Τηλ. 421-290.

ΣΜΥΡΝΗ πωλούνται. Τηλ. 534-485.

ΠΩΛΕΙΤΑΙ διαμερίσματα. Τηλ. 534-485.

ΠΩΛΕΙΤΑΙ διαμ. 80 μ2. Τηλ. 222.361.

ΠΩΛΕΙΤΑΙ επί της Μακεδονίας. Τηλ. 221-331.

ΠΩΛΕΙΤΑΙ διαμέρισμα 110 μ2. Τηλ. 918-205.
